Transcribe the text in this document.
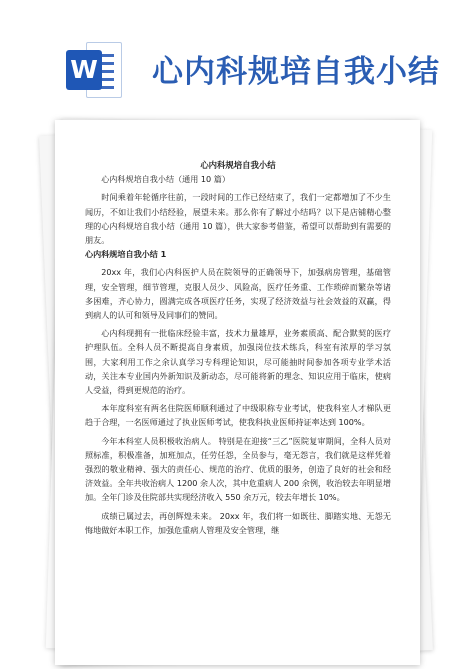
W 心内科规培自我小结

心内科规培自我小结

心内科规培自我小结（通用 10 篇）

时间乘着年轮循序往前，一段时间的工作已经结束了，我们一定都增加了不少生闻历，不如让我们小结经验，展望未来。那么你有了解过小结吗？以下是店铺精心整理的心内科规培自我小结（通用 10 篇），供大家参考借鉴，希望可以帮助到有需要的朋友。

心内科规培自我小结 1

20xx 年，我们心内科医护人员在院领导的正确领导下，加强病房管理，基础管理，安全管理，细节管理，克服人员少、风险高，医疗任务重、工作琐碎而繁杂等诸多困难，齐心协力，圆满完成各项医疗任务，实现了经济效益与社会效益的双赢，得到病人的认可和领导及同事们的赞同。

心内科现拥有一批临床经验丰富，技术力量雄厚，业务素质高、配合默契的医疗护理队伍。全科人员不断提高自身素质，加强岗位技术练兵，科室有浓厚的学习氛围，大家利用工作之余认真学习专科理论知识，尽可能抽时间参加各项专业学术活动，关注本专业国内外新知识及新动态，尽可能将新的理念、知识应用于临床，使病人受益，得到更规范的治疗。

本年度科室有两名住院医师顺利通过了中级职称专业考试，使我科室人才梯队更趋于合理，一名医师通过了执业医师考试，使我科执业医师持证率达到 100%。

今年本科室人员积极收治病人。 特别是在迎接“三乙”医院复审期间，全科人员对照标准，积极准备，加班加点，任劳任怨，全员参与，毫无怨言，我们就是这样凭着强烈的敬业精神、强大的责任心、规范的治疗、优质的服务，创造了良好的社会和经济效益。全年共收治病人 1200 余人次，其中危重病人 200 余例，收治较去年明显增加。全年门诊及住院部共实现经济收入 550 余万元，较去年增长 10%。

成绩已属过去，再创辉煌未来。 20xx 年，我们将一如既往、脚踏实地、无怨无悔地做好本职工作，加强危重病人管理及安全管理，继
